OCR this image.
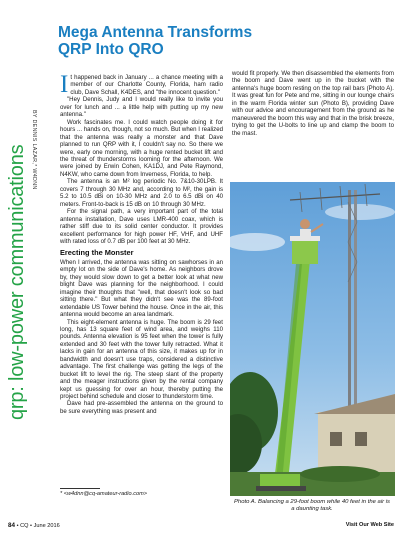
qrp: low-power communications BY DENNIS LAZAR,* W4DNN
Mega Antenna Transforms
QRP Into QRO

It happened back in January ... a chance meeting with a member of our Charlotte County, Florida, ham radio club, Dave Schall, K4DES, and "the innocent question."

"Hey Dennis, Judy and I would really like to invite you over for lunch and ... a little help with putting up my new antenna."

Work fascinates me. I could watch people doing it for hours ... hands on, though, not so much. But when I realized that the antenna was really a monster and that Dave planned to run QRP with it, I couldn't say no. So there we were, early one morning, with a huge rented bucket lift and the threat of thunderstorms looming for the afternoon. We were joined by Erwin Cohen, KA1DJ, and Pete Raymond, N4KW, who came down from Inverness, Florida, to help.

The antenna is an M² log periodic No. 7&10-30LPB. It covers 7 through 30 MHz and, according to M², the gain is 5.2 to 10.5 dBi on 10-30 MHz and 2.0 to 6.5 dBi on 40 meters. Front-to-back is 15 dB on 10 through 30 MHz.

For the signal path, a very important part of the total antenna installation, Dave uses LMR-400 coax, which is rather stiff due to its solid center conductor. It provides excellent performance for high power HF, VHF, and UHF with rated loss of 0.7 dB per 100 feet at 30 MHz.

Erecting the Monster

When I arrived, the antenna was sitting on sawhorses in an empty lot on the side of Dave's home. As neighbors drove by, they would slow down to get a better look at what new blight Dave was planning for the neighborhood. I could imagine their thoughts that "well, that doesn't look so bad sitting there." But what they didn't see was the 89-foot extendable US Tower behind the house. Once in the air, this antenna would become an area landmark.

This eight-element antenna is huge. The boom is 29 feet long, has 13 square feet of wind area, and weighs 110 pounds. Antenna elevation is 95 feet when the tower is fully extended and 30 feet with the tower fully retracted. What it lacks in gain for an antenna of this size, it makes up for in bandwidth and doesn't use traps, considered a distinctive advantage. The first challenge was getting the legs of the bucket lift to level the rig. The steep slant of the property and the meager instructions given by the rental company kept us guessing for over an hour, thereby putting the project behind schedule and closer to thunderstorm time.

Dave had pre-assembled the antenna on the ground to be sure everything was present and

would fit properly. We then disassembled the elements from the boom and Dave went up in the bucket with the antenna's huge boom resting on the top rail bars (Photo A). It was great fun for Pete and me, sitting in our lounge chairs in the warm Florida winter sun (Photo B), providing Dave with our advice and encouragement from the ground as he maneuvered the boom this way and that in the brisk breeze, trying to get the U-bolts to line up and clamp the boom to the mast.

Photo A. Balancing a 29-foot boom while 40 feet in the air is a daunting task.
* <w4dnn@cq-amateur-radio.com>
84 • CQ • June 2016	Visit Our Web Site
